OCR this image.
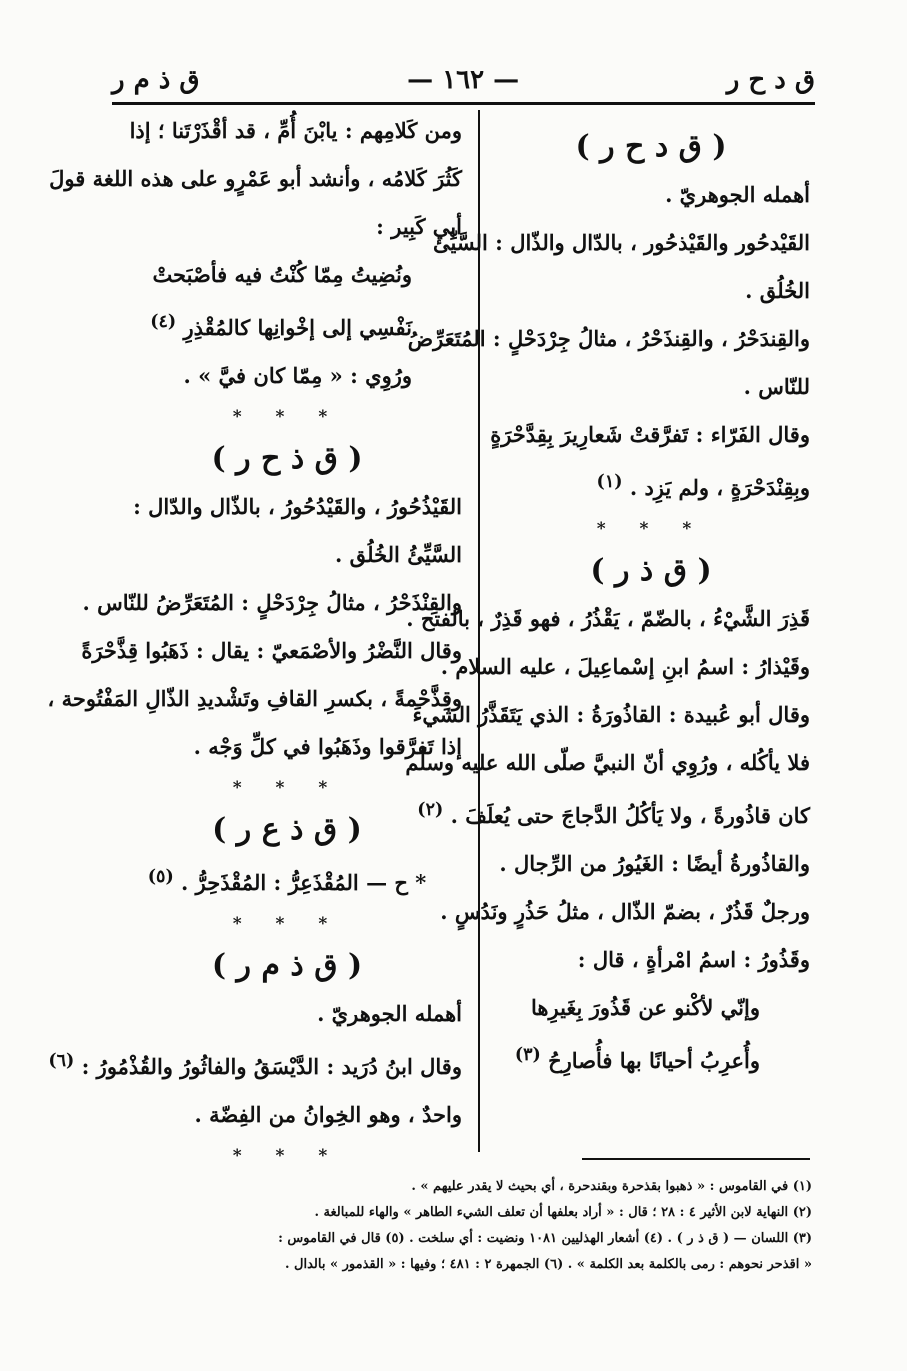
ق ذ م ر	— ١٦٢ —	ق د ح ر
( ق د ح ر )
أهمله الجوهريّ .
القَيْدحُور والقَيْذحُور ، بالدّال والذّال : السَّيِّئ
الخُلُق .
والقِندَحْرُ ، والقِنذَحْرُ ، مثالُ جِرْدَحْلٍ : المُتَعَرِّضُ
للنّاس .
وقال الفَرّاء : تَفرَّقتْ شَعارِيرَ بِقِدَّحْرَةٍ
وبِقِنْدَحْرَةٍ ، ولم يَزِد . $^{(١)}$
* * *
( ق ذ ر )
قَذِرَ الشَّيْءُ ، بالضّمّ ، يَقْذُرُ ، فهو قَذِرٌ ، بالفتح .
وقَيْذارُ : اسمُ ابنِ إسْماعِيلَ ، عليه السلام .
وقال أبو عُبيدة : القاذُورَةُ : الذي يَتَقَذَّرُ الشيءَ
فلا يأكُله ، ورُوِي أنّ النبيَّ صلّى الله عليه وسلّم
كان قاذُورةً ، ولا يَأكُلُ الدَّجاجَ حتى يُعلَفَ . $^{(٢)}$
والقاذُورةُ أيضًا : الغَيُورُ من الرِّجال .
ورجلٌ قَذُرٌ ، بضمّ الذّال ، مثلُ حَذُرٍ ونَدُسٍ .
وقَذُورُ : اسمُ امْرأةٍ ، قال :
وإنّي لأكْنو عن قَذُورَ بِغَيرِها
وأُعرِبُ أحيانًا بها فأُصارِحُ $^{(٣)}$
ومن كَلامِهم : يابْنَ أُمِّ ، قد أقْذَرْتَنا ؛ إذا
كَثُرَ كَلامُه ، وأنشد أبو عَمْرٍو على هذه اللغة قولَ
أبي كَبِير :
ونُضِيتُ مِمّا كُنْتُ فيه فأصْبَحتْ
نَفْسِي إلى إخْوانِها كالمُقْذِرِ $^{(٤)}$
ورُوِي : « مِمّا كان فيَّ » .
* * *
( ق ذ ح ر )
القَيْذُحُورُ ، والقَيْدُحُورُ ، بالذّال والدّال :
السَّيِّئُ الخُلُق .
والقِنْذَحْرُ ، مثالُ جِرْدَحْلٍ : المُتَعَرِّضُ للنّاس .
وقال النَّضْرُ والأصْمَعيّ : يقال : ذَهَبُوا قِذَّحْرَةً
وقِذَّحْمةً ، بكسرِ القافِ وتَشْديدِ الذّالِ المَفْتُوحة ،
إذا تَفرَّقوا وذَهَبُوا في كلِّ وَجْه .
* * *
( ق ذ ع ر )
* ح — المُقْذَعِرُّ : المُقْذَحِرُّ . $^{(٥)}$
* * *
( ق ذ م ر )
أهمله الجوهريّ .
وقال ابنُ دُرَيد : الدَّيْسَقُ والفاثُورُ والقُذْمُورُ : $^{(٦)}$
واحدٌ ، وهو الخِوانُ من الفِضّة .
* * *
(١) في القاموس : « ذهبوا بقذحرة وبقندحرة ، أي بحيث لا يقدر عليهم » .
(٢) النهاية لابن الأثير ٤ : ٢٨ ؛ قال : « أراد بعلفها أن تعلف الشيء الطاهر » والهاء للمبالغة .
(٣) اللسان — ( ق ذ ر ) . (٤) أشعار الهذليين ١٠٨١ ونضيت : أي سلخت . (٥) قال في القاموس :
« اقذحر نحوهم : رمى بالكلمة بعد الكلمة » . (٦) الجمهرة ٢ : ٤٨١ ؛ وفيها : « القذمور » بالدال .
